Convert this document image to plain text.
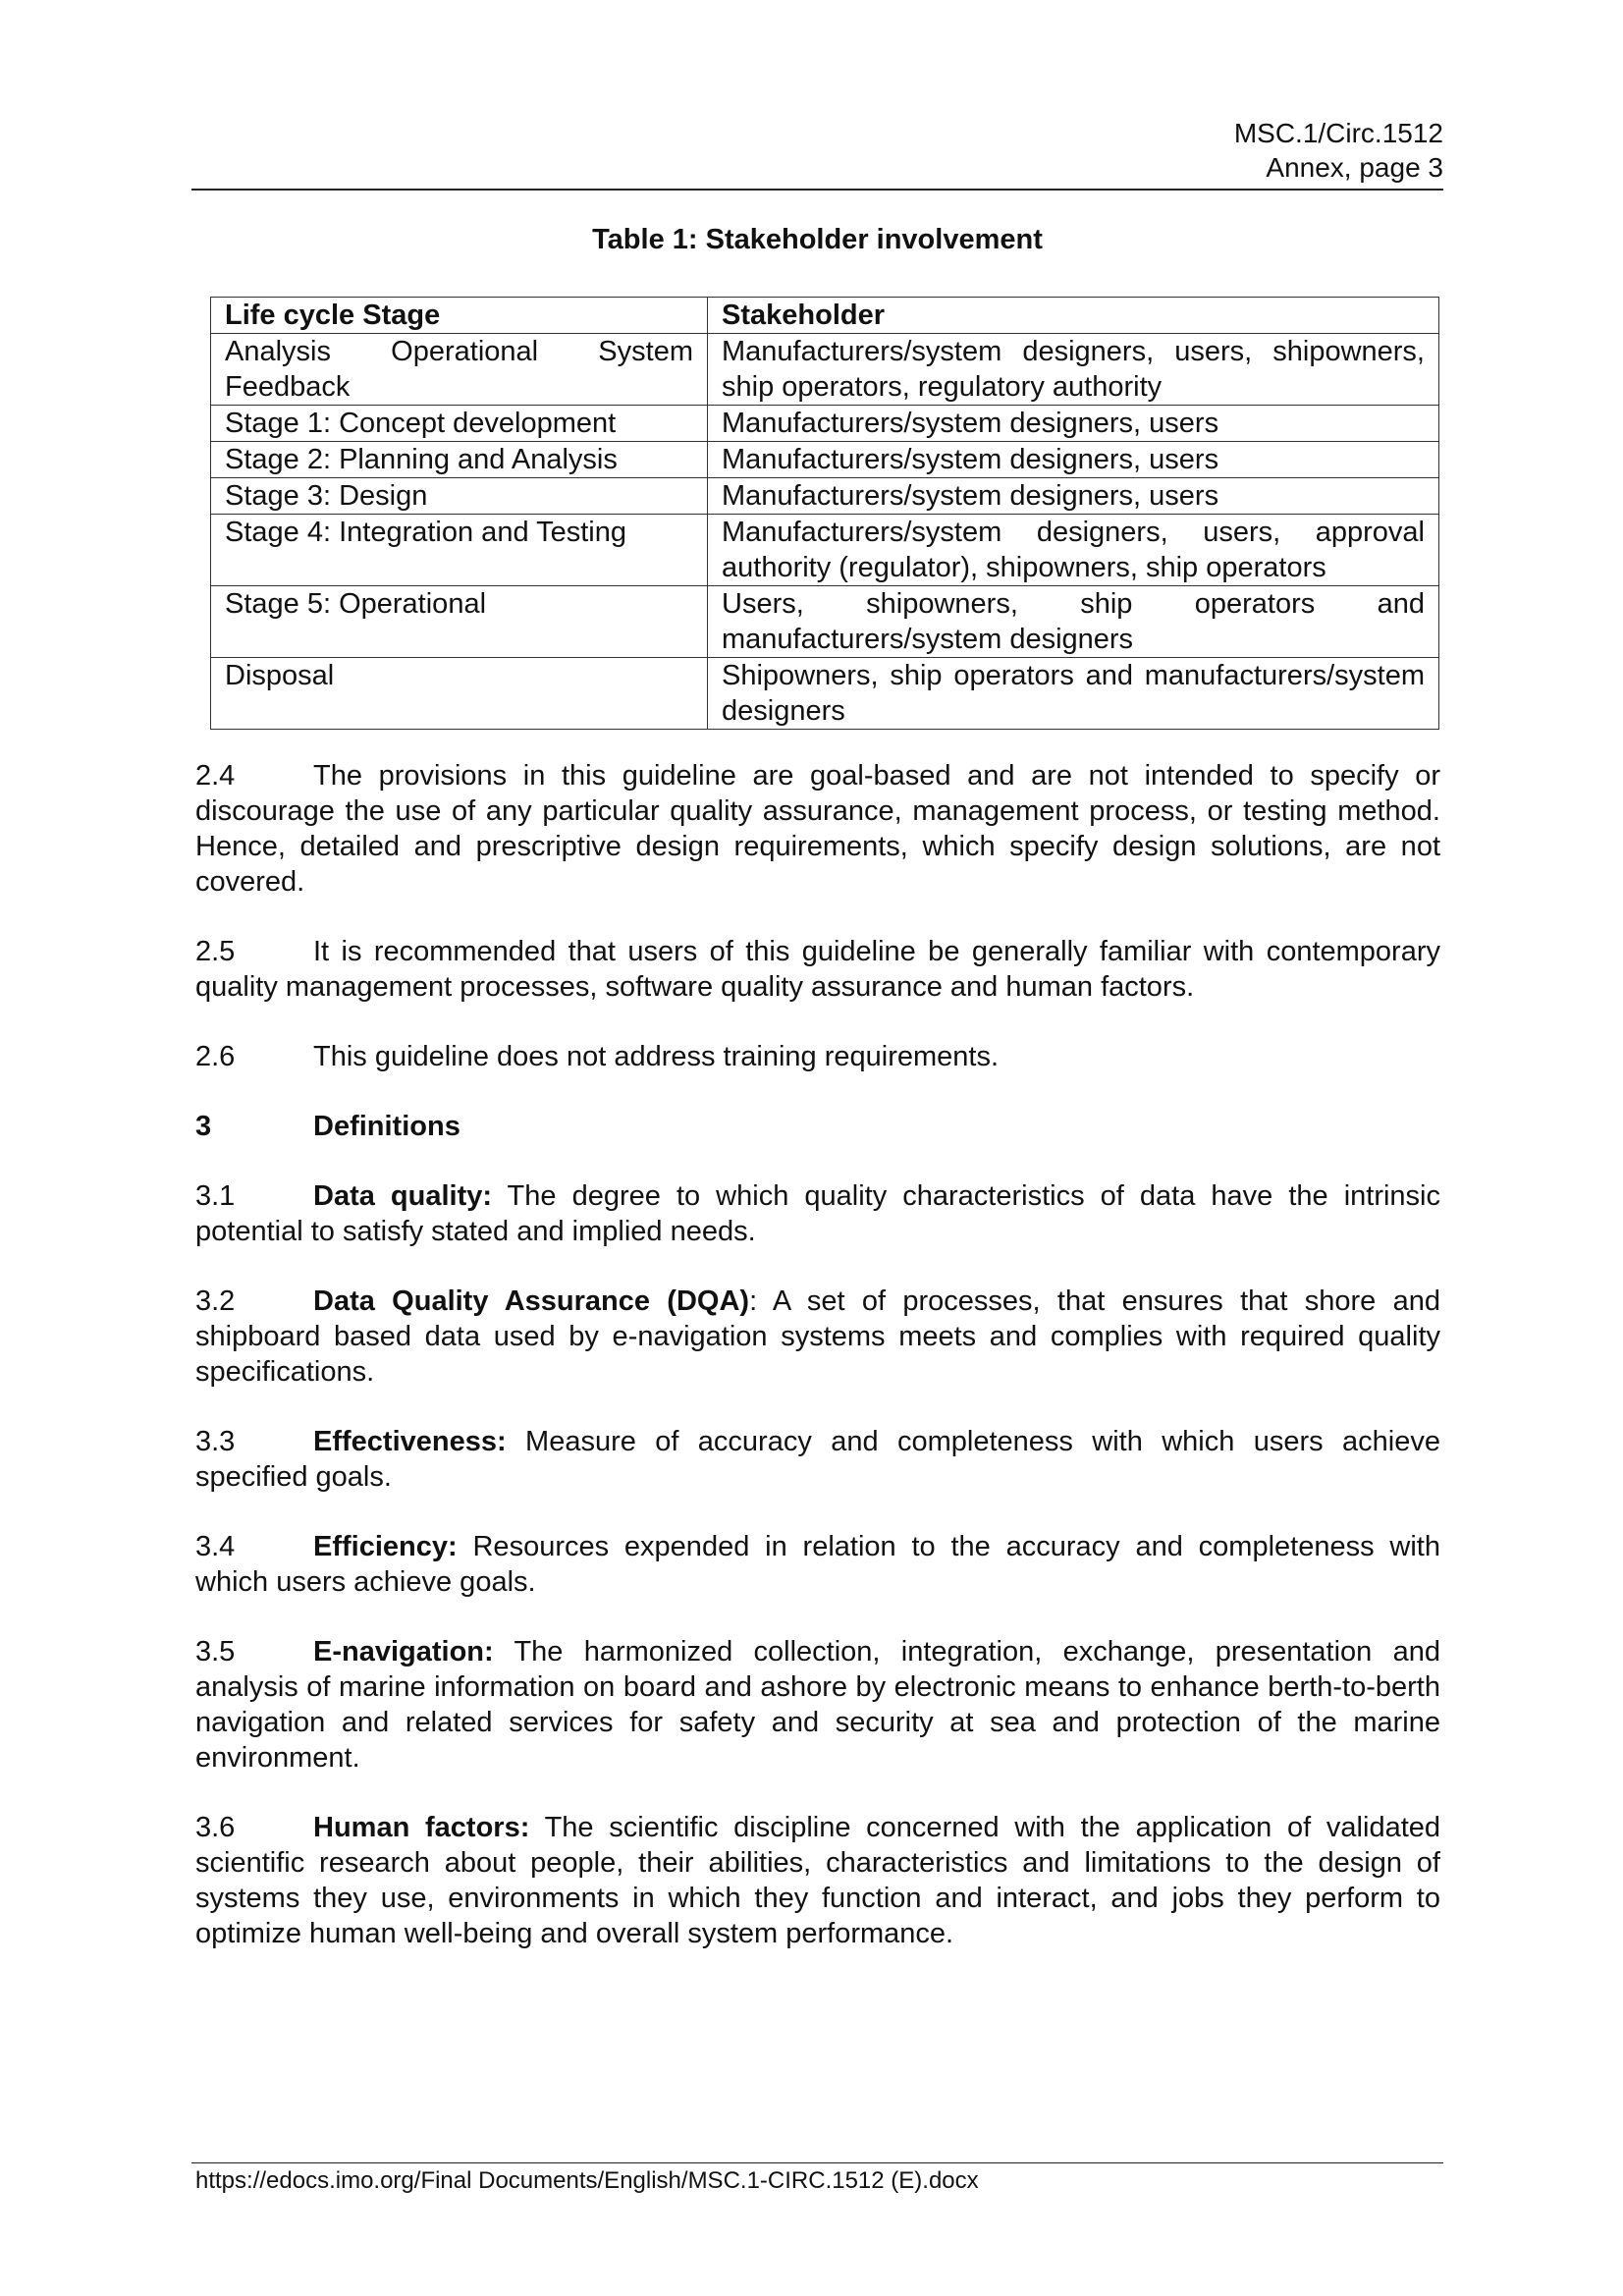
MSC.1/Circ.1512
Annex, page 3
Table 1: Stakeholder involvement
Life cycle Stage	Stakeholder
Analysis Operational System Feedback	Manufacturers/system designers, users, shipowners, ship operators, regulatory authority
Stage 1: Concept development	Manufacturers/system designers, users
Stage 2: Planning and Analysis	Manufacturers/system designers, users
Stage 3: Design	Manufacturers/system designers, users
Stage 4: Integration and Testing	Manufacturers/system designers, users, approval authority (regulator), shipowners, ship operators
Stage 5: Operational	Users, shipowners, ship operators and manufacturers/system designers
Disposal	Shipowners, ship operators and manufacturers/system designers

2.4	The provisions in this guideline are goal-based and are not intended to specify or discourage the use of any particular quality assurance, management process, or testing method. Hence, detailed and prescriptive design requirements, which specify design solutions, are not covered.

2.5	It is recommended that users of this guideline be generally familiar with contemporary quality management processes, software quality assurance and human factors.

2.6	This guideline does not address training requirements.

3	Definitions

3.1	Data quality: The degree to which quality characteristics of data have the intrinsic potential to satisfy stated and implied needs.

3.2	Data Quality Assurance (DQA): A set of processes, that ensures that shore and shipboard based data used by e-navigation systems meets and complies with required quality specifications.

3.3	Effectiveness: Measure of accuracy and completeness with which users achieve specified goals.

3.4	Efficiency: Resources expended in relation to the accuracy and completeness with which users achieve goals.

3.5	E-navigation: The harmonized collection, integration, exchange, presentation and analysis of marine information on board and ashore by electronic means to enhance berth-to-berth navigation and related services for safety and security at sea and protection of the marine environment.

3.6	Human factors: The scientific discipline concerned with the application of validated scientific research about people, their abilities, characteristics and limitations to the design of systems they use, environments in which they function and interact, and jobs they perform to optimize human well-being and overall system performance.

https://edocs.imo.org/Final Documents/English/MSC.1-CIRC.1512 (E).docx
